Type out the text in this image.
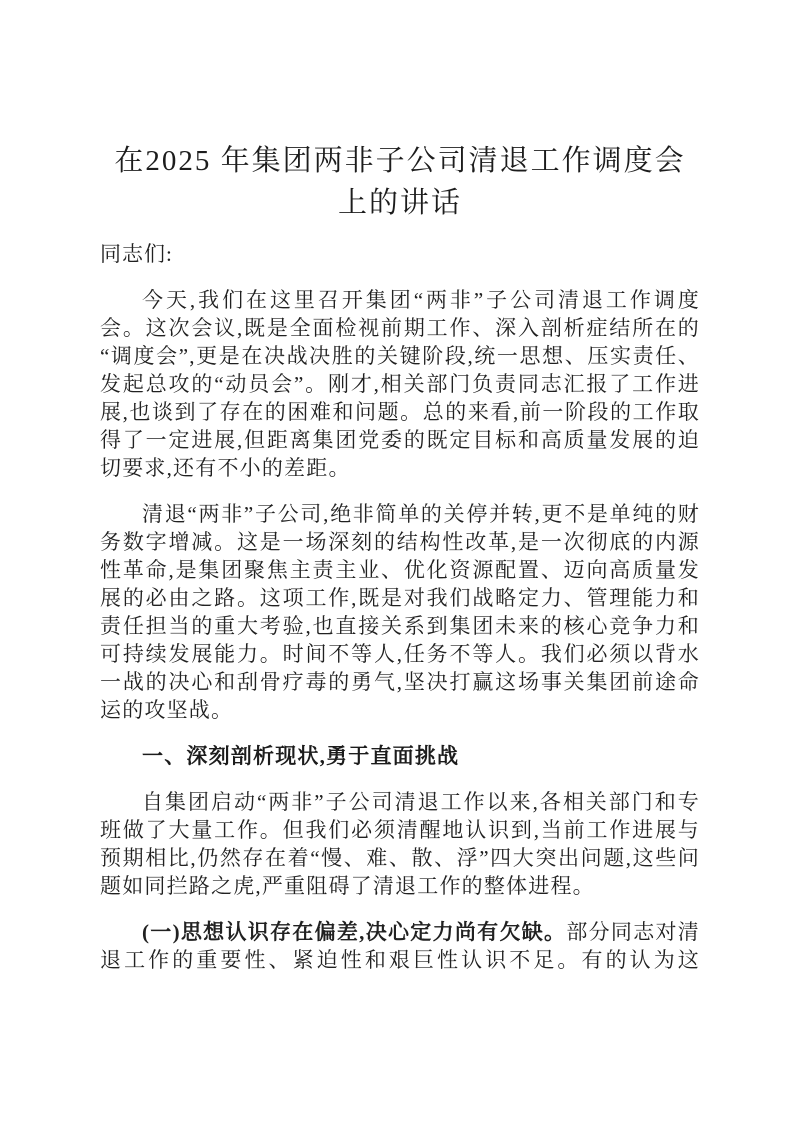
在2025 年集团两非子公司清退工作调度会上的讲话

同志们:

今天,我们在这里召开集团“两非”子公司清退工作调度会。这次会议,既是全面检视前期工作、深入剖析症结所在的“调度会”,更是在决战决胜的关键阶段,统一思想、压实责任、发起总攻的“动员会”。刚才,相关部门负责同志汇报了工作进展,也谈到了存在的困难和问题。总的来看,前一阶段的工作取得了一定进展,但距离集团党委的既定目标和高质量发展的迫切要求,还有不小的差距。

清退“两非”子公司,绝非简单的关停并转,更不是单纯的财务数字增减。这是一场深刻的结构性改革,是一次彻底的内源性革命,是集团聚焦主责主业、优化资源配置、迈向高质量发展的必由之路。这项工作,既是对我们战略定力、管理能力和责任担当的重大考验,也直接关系到集团未来的核心竞争力和可持续发展能力。时间不等人,任务不等人。我们必须以背水一战的决心和刮骨疗毒的勇气,坚决打赢这场事关集团前途命运的攻坚战。

一、深刻剖析现状,勇于直面挑战

自集团启动“两非”子公司清退工作以来,各相关部门和专班做了大量工作。但我们必须清醒地认识到,当前工作进展与预期相比,仍然存在着“慢、难、散、浮”四大突出问题,这些问题如同拦路之虎,严重阻碍了清退工作的整体进程。

(一)思想认识存在偏差,决心定力尚有欠缺。部分同志对清退工作的重要性、紧迫性和艰巨性认识不足。有的认为这
